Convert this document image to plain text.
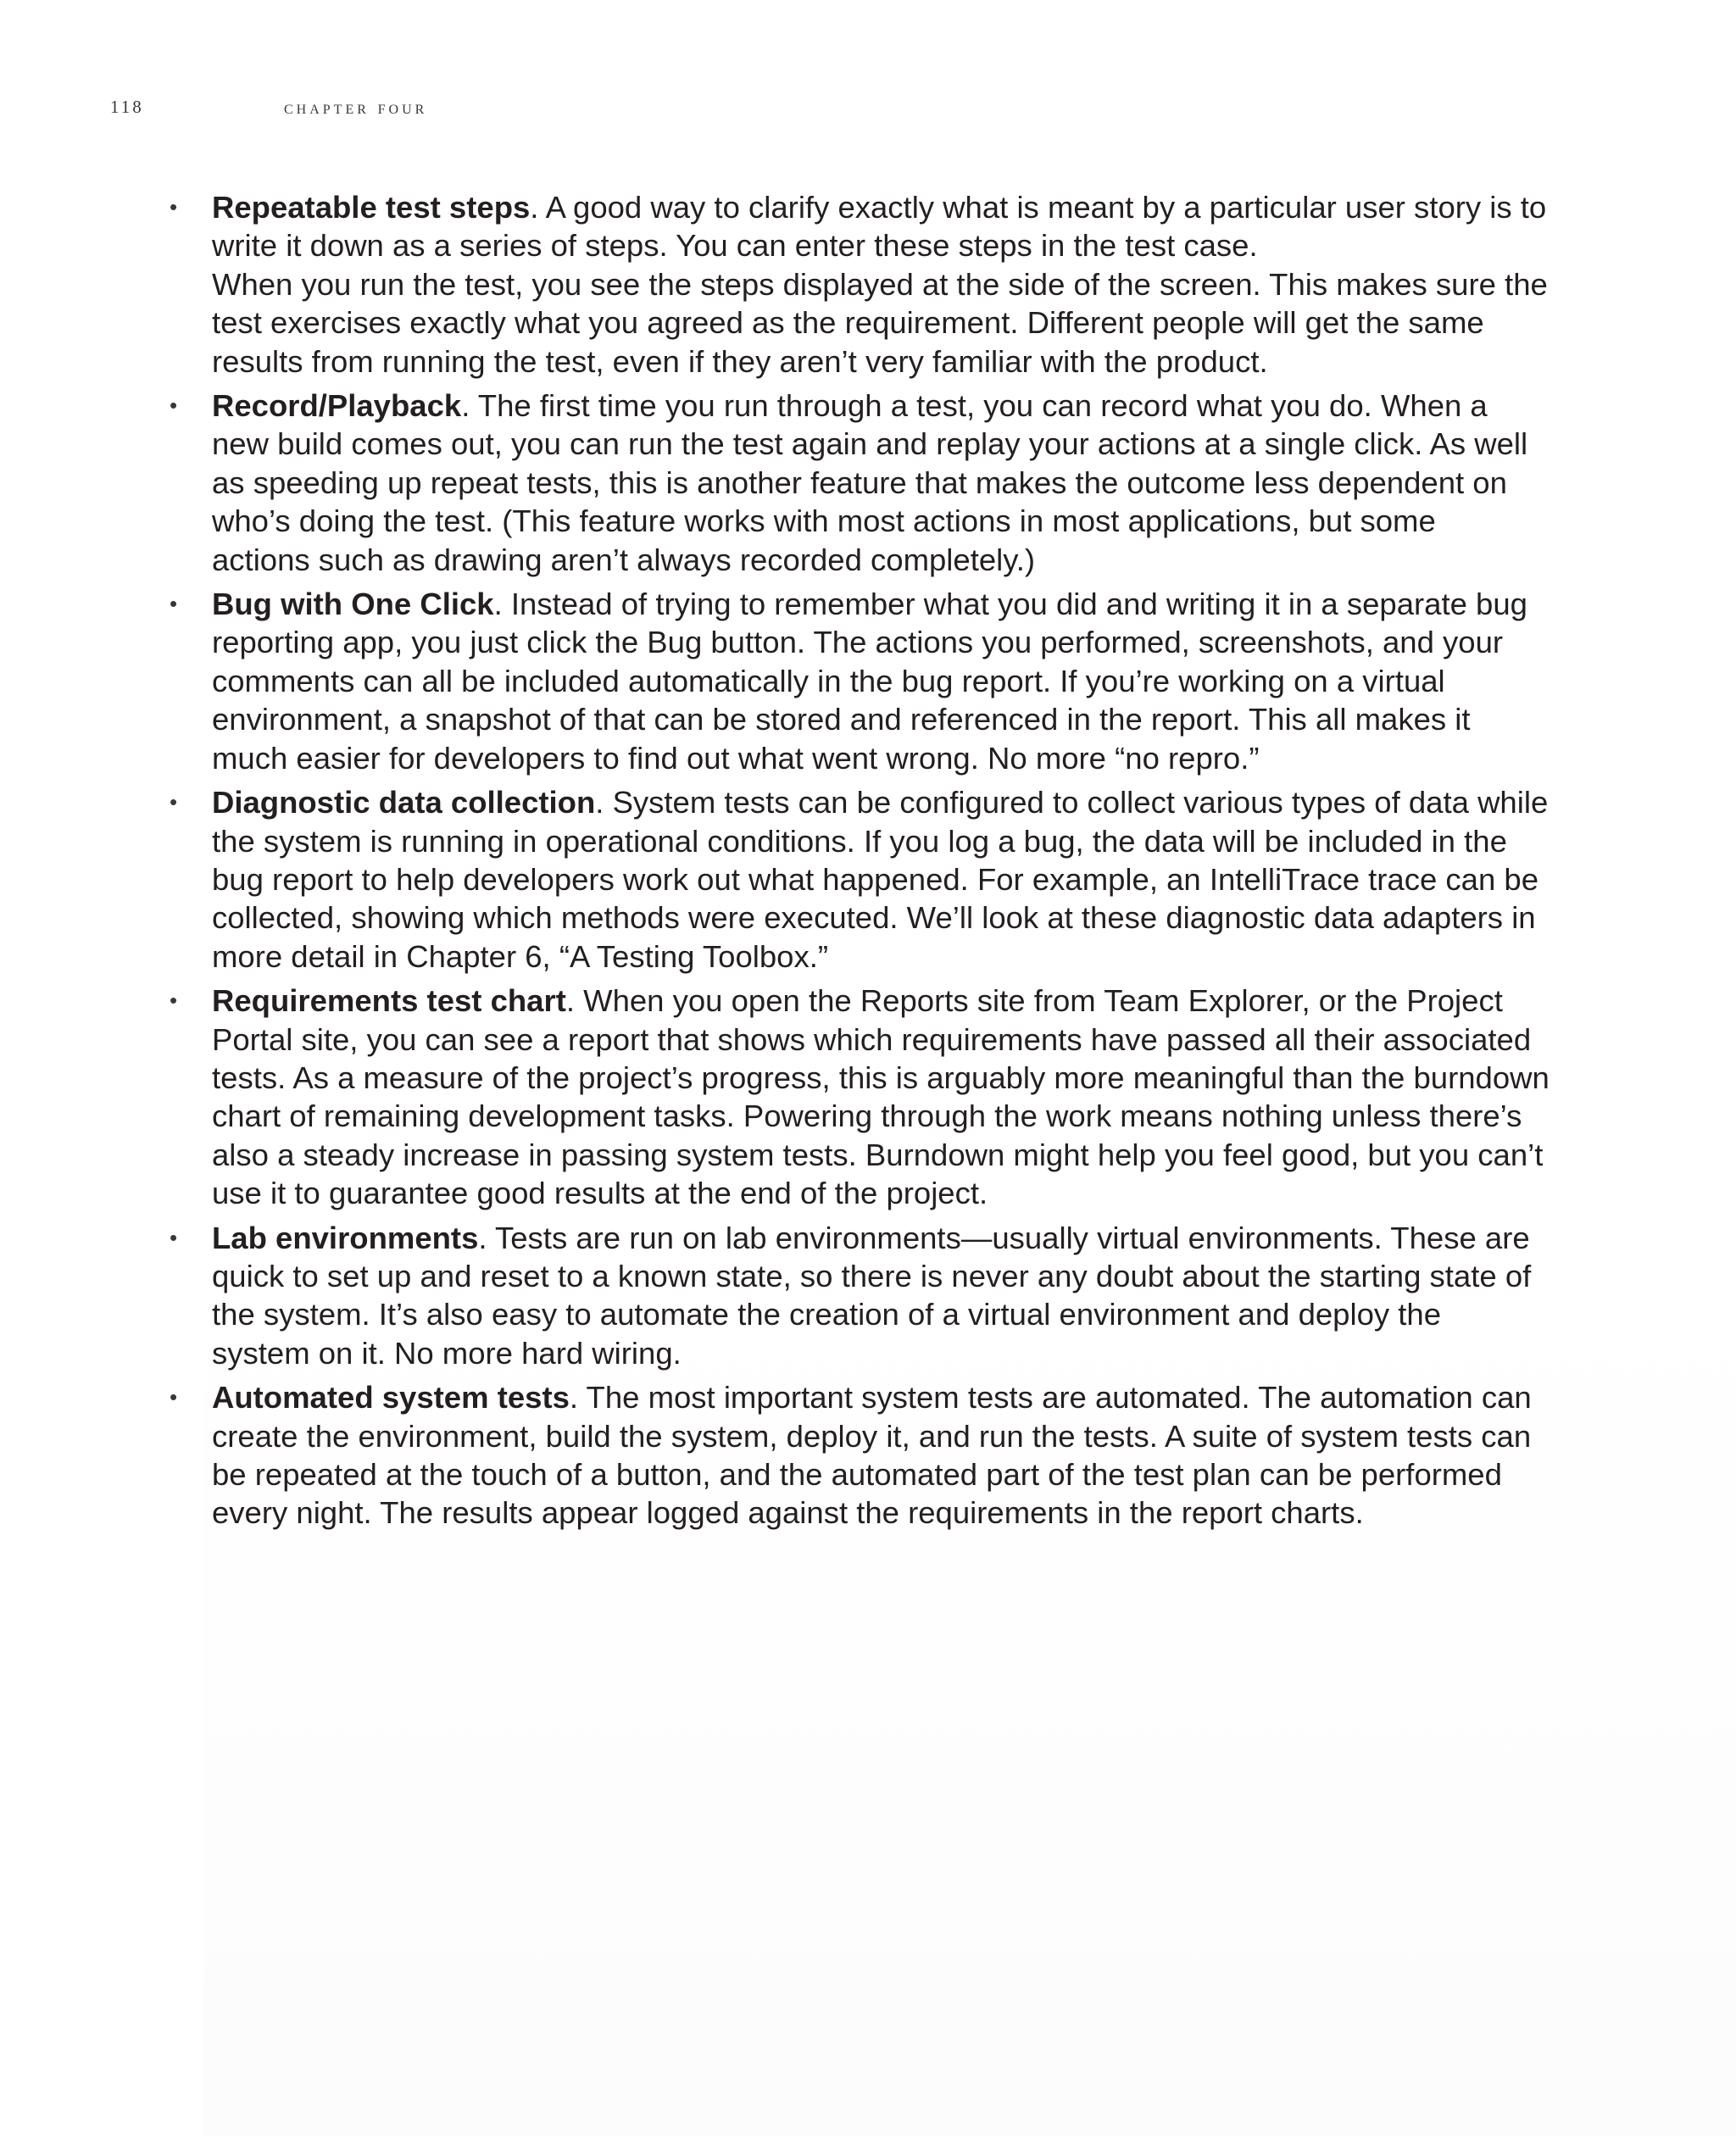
118	chapter four
• Repeatable test steps. A good way to clarify exactly what is meant by a particular user story is to
write it down as a series of steps. You can enter these steps in the test case.
When you run the test, you see the steps displayed at the side of the screen. This makes sure the
test exercises exactly what you agreed as the requirement. Different people will get the same
results from running the test, even if they aren’t very familiar with the product.
• Record/Playback. The first time you run through a test, you can record what you do. When a
new build comes out, you can run the test again and replay your actions at a single click. As well
as speeding up repeat tests, this is another feature that makes the outcome less dependent on
who’s doing the test. (This feature works with most actions in most applications, but some
actions such as drawing aren’t always recorded completely.)
• Bug with One Click. Instead of trying to remember what you did and writing it in a separate bug
reporting app, you just click the Bug button. The actions you performed, screenshots, and your
comments can all be included automatically in the bug report. If you’re working on a virtual
environment, a snapshot of that can be stored and referenced in the report. This all makes it
much easier for developers to find out what went wrong. No more “no repro.”
• Diagnostic data collection. System tests can be configured to collect various types of data while
the system is running in operational conditions. If you log a bug, the data will be included in the
bug report to help developers work out what happened. For example, an IntelliTrace trace can be
collected, showing which methods were executed. We’ll look at these diagnostic data adapters in
more detail in Chapter 6, “A Testing Toolbox.”
• Requirements test chart. When you open the Reports site from Team Explorer, or the Project
Portal site, you can see a report that shows which requirements have passed all their associated
tests. As a measure of the project’s progress, this is arguably more meaningful than the burndown
chart of remaining development tasks. Powering through the work means nothing unless there’s
also a steady increase in passing system tests. Burndown might help you feel good, but you can’t
use it to guarantee good results at the end of the project.
• Lab environments. Tests are run on lab environments—usually virtual environments. These are
quick to set up and reset to a known state, so there is never any doubt about the starting state of
the system. It’s also easy to automate the creation of a virtual environment and deploy the
system on it. No more hard wiring.
• Automated system tests. The most important system tests are automated. The automation can
create the environment, build the system, deploy it, and run the tests. A suite of system tests can
be repeated at the touch of a button, and the automated part of the test plan can be performed
every night. The results appear logged against the requirements in the report charts.
